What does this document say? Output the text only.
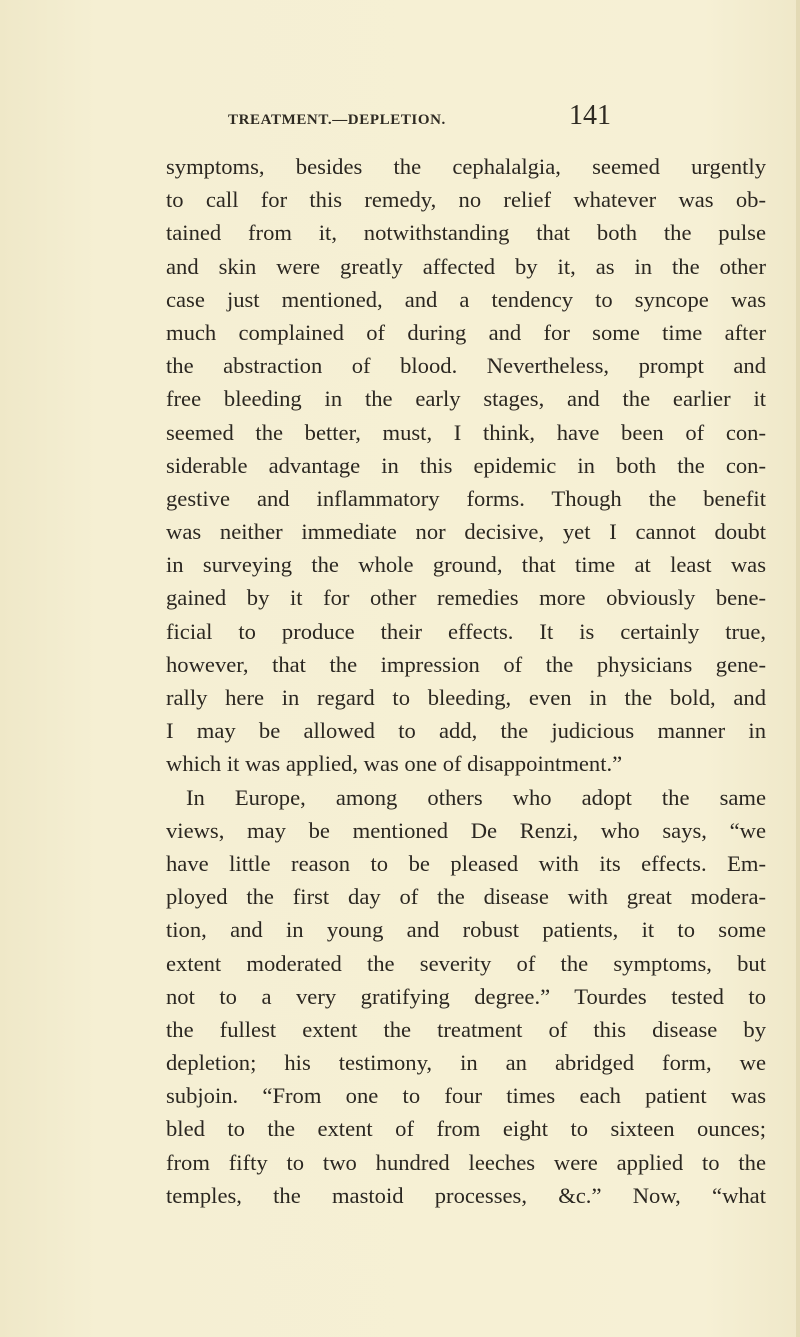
TREATMENT.—DEPLETION.	141
symptoms, besides the cephalalgia, seemed urgently
to call for this remedy, no relief whatever was ob-
tained from it, notwithstanding that both the pulse
and skin were greatly affected by it, as in the other
case just mentioned, and a tendency to syncope was
much complained of during and for some time after
the abstraction of blood. Nevertheless, prompt and
free bleeding in the early stages, and the earlier it
seemed the better, must, I think, have been of con-
siderable advantage in this epidemic in both the con-
gestive and inflammatory forms. Though the benefit
was neither immediate nor decisive, yet I cannot doubt
in surveying the whole ground, that time at least was
gained by it for other remedies more obviously bene-
ficial to produce their effects. It is certainly true,
however, that the impression of the physicians gene-
rally here in regard to bleeding, even in the bold, and
I may be allowed to add, the judicious manner in
which it was applied, was one of disappointment.”
In Europe, among others who adopt the same
views, may be mentioned De Renzi, who says, “we
have little reason to be pleased with its effects. Em-
ployed the first day of the disease with great modera-
tion, and in young and robust patients, it to some
extent moderated the severity of the symptoms, but
not to a very gratifying degree.” Tourdes tested to
the fullest extent the treatment of this disease by
depletion; his testimony, in an abridged form, we
subjoin. “From one to four times each patient was
bled to the extent of from eight to sixteen ounces;
from fifty to two hundred leeches were applied to the
temples, the mastoid processes, &c.” Now, “what
